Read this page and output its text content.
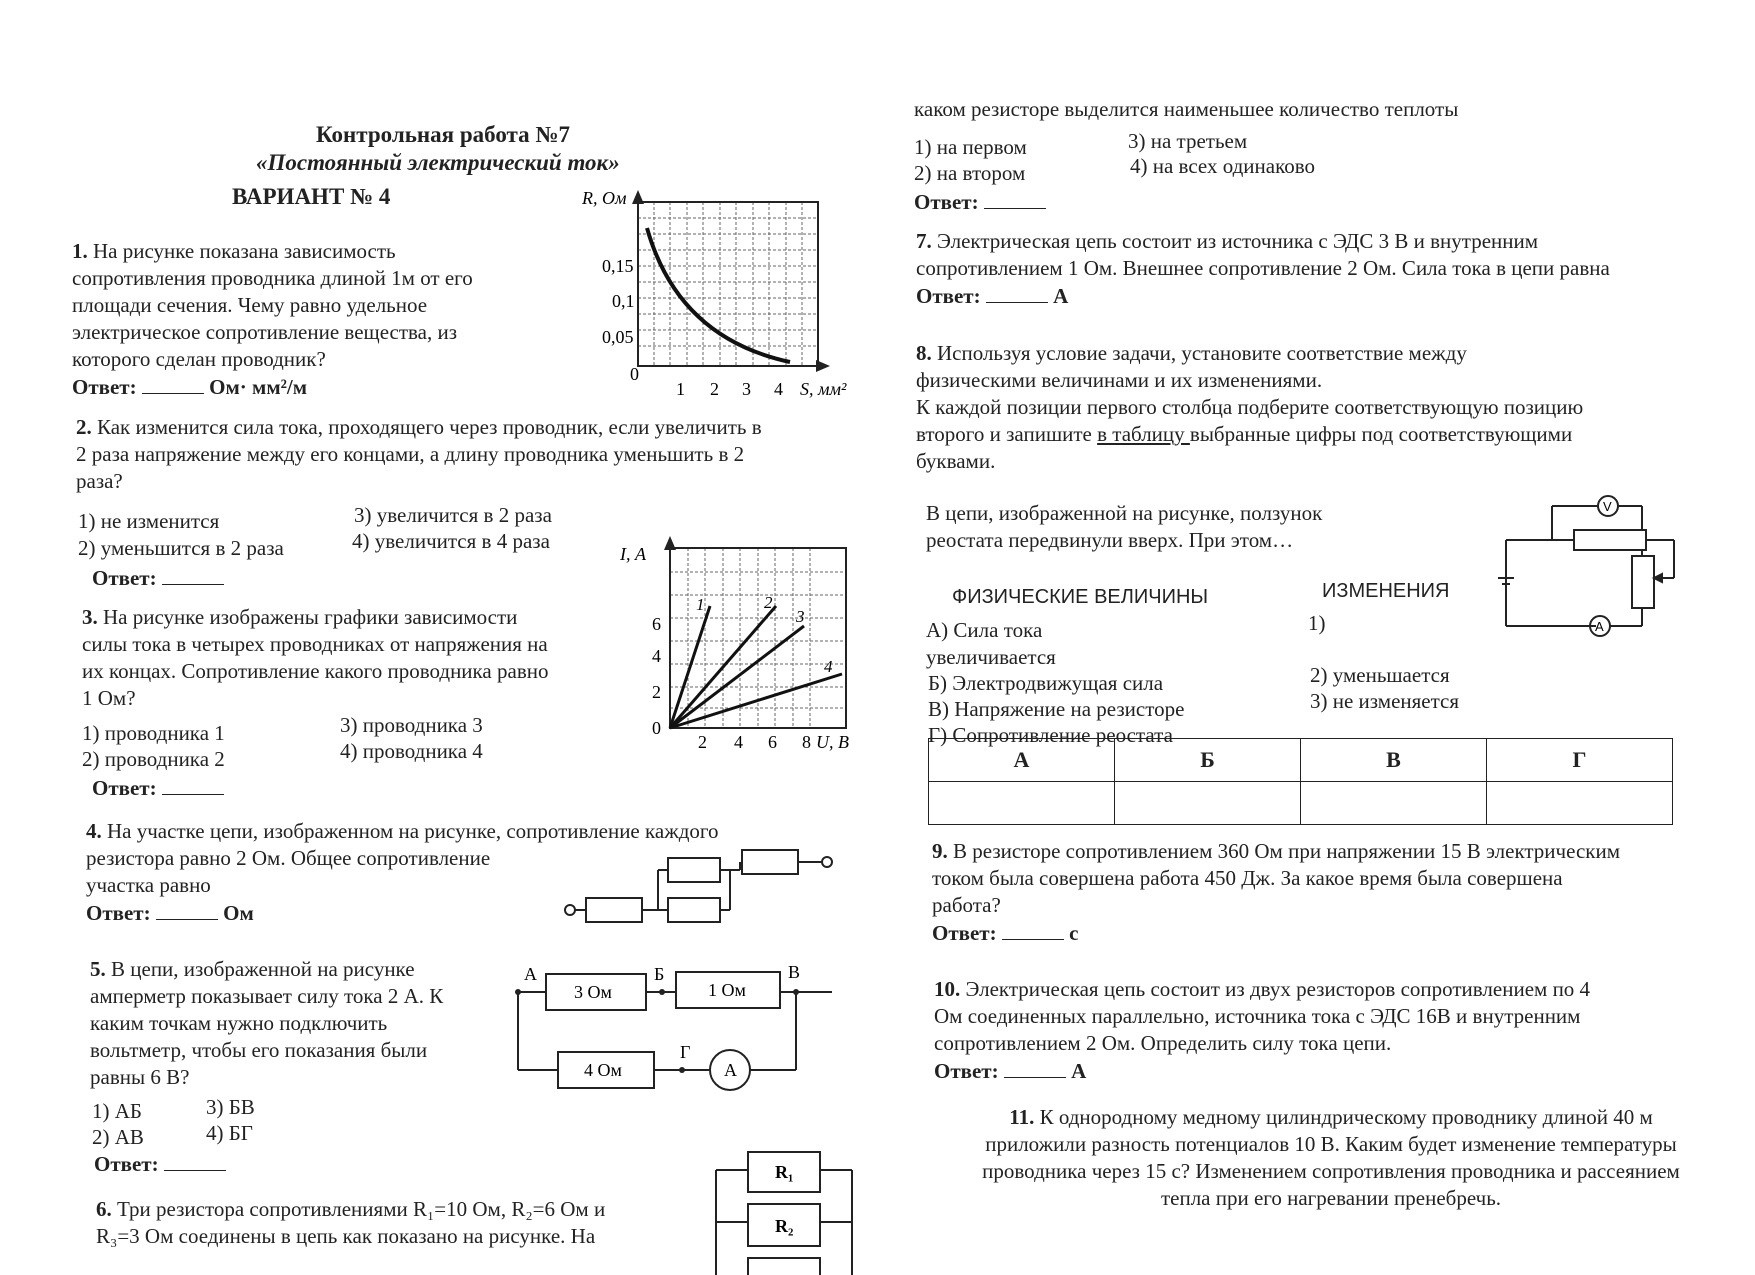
Контрольная работа №7
«Постоянный электрический ток»
ВАРИАНТ № 4
1. На рисунке показана зависимость
сопротивления проводника длиной 1м от его
площади сечения. Чему равно удельное
электрическое сопротивление вещества, из
которого сделан проводник?
Ответ:	Ом· мм²/м
R, Ом
S, мм²
0,15
0,1
0,05
0
1 2 3 4
2. Как изменится сила тока, проходящего через проводник, если увеличить в
2 раза напряжение между его концами, а длину проводника уменьшить в 2
раза?
1) не изменится
2) уменьшится в 2 раза
3) увеличится в 2 раза
4) увеличится в 4 раза
Ответ:
3. На рисунке изображены графики зависимости
силы тока в четырех проводниках от напряжения на
их концах. Сопротивление какого проводника равно
1 Ом?
1) проводника 1
2) проводника 2
3) проводника 3
4) проводника 4
Ответ:
I, А
U, В
6
4
2
0
2 4 6 8
1	2
3
4
4. На участке цепи, изображенном на рисунке, сопротивление каждого
резистора равно 2 Ом. Общее сопротивление
участка равно
Ответ:	Ом
5. В цепи, изображенной на рисунке
амперметр показывает силу тока 2 А. К
каким точкам нужно подключить
вольтметр, чтобы его показания были
равны 6 В?
1) АБ
2) АВ
3) БВ
4) БГ
Ответ:
3 Ом	1 Ом
4 Ом	А
А	Б	В
Г
6. Три резистора сопротивлениями R₁=10 Ом, R₂=6 Ом и
R₃=3 Ом соединены в цепь как показано на рисунке. На
R₁
R₂
каком резисторе выделится наименьшее количество теплоты
1) на первом
2) на втором
3) на третьем
4) на всех одинаково
Ответ:
7. Электрическая цепь состоит из источника с ЭДС 3 В и внутренним
сопротивлением 1 Ом. Внешнее сопротивление 2 Ом. Сила тока в цепи равна
Ответ:	А
8. Используя условие задачи, установите соответствие между
физическими величинами и их изменениями.
К каждой позиции первого столбца подберите соответствующую позицию
второго и запишите в таблицу выбранные цифры под соответствующими
буквами.
В цепи, изображенной на рисунке, ползунок
реостата передвинули вверх. При этом…
V
A
ФИЗИЧЕСКИЕ ВЕЛИЧИНЫ	ИЗМЕНЕНИЯ
А) Сила тока	1)
увеличивается
Б) Электродвижущая сила	2) уменьшается
В) Напряжение на резисторе	3) не изменяется
Г) Сопротивление реостата
А	Б	В	Г

9. В резисторе сопротивлением 360 Ом при напряжении 15 В электрическим
током была совершена работа 450 Дж. За какое время была совершена
работа?
Ответ:	с
10. Электрическая цепь состоит из двух резисторов сопротивлением по 4
Ом соединенных параллельно, источника тока с ЭДС 16В и внутренним
сопротивлением 2 Ом. Определить силу тока цепи.
Ответ:	А
11. К однородному медному цилиндрическому проводнику длиной 40 м
приложили разность потенциалов 10 В. Каким будет изменение температуры
проводника через 15 с? Изменением сопротивления проводника и рассеянием
тепла при его нагревании пренебречь.
